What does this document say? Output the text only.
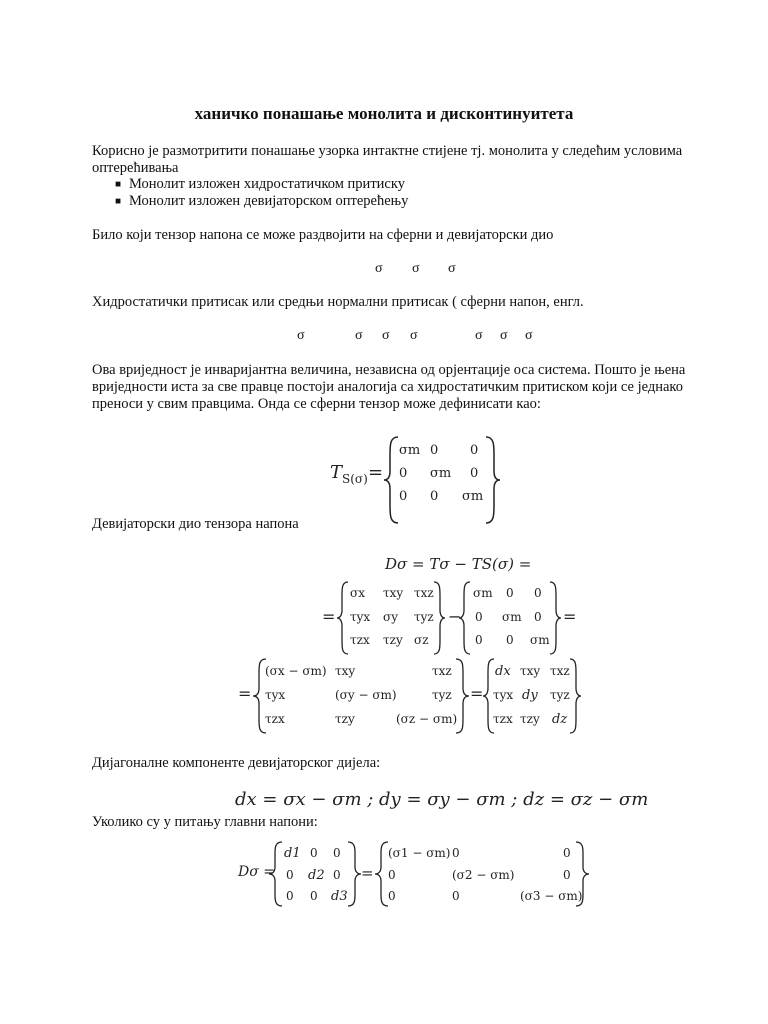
ханичко понашање монолита и дисконтинуитета
Корисно је размотритити понашање узорка интактне стијене тј. монолита у следећим условима оптерећивања
■ Монолит изложен хидростатичком притиску
■ Монолит изложен девијаторском оптерећењу
Било који тензор напона се може раздвојити на сферни и девијаторски дио
σ σ σ
Хидростатички притисак или средњи нормални притисак ( сферни напон, енгл.
σ	σ σ σ	σ σ σ
Ова вриједност је инваријантна величина, независна од орјентације оса система. Пошто је њена вриједности иста за све правце постоји аналогија са хидростатичким притиском који се једнако преноси у свим правцима. Онда се сферни тензор може дефинисати као:
T S(σ) =
σm 0 0
0 σm 0
0 0 σm
Девијаторски дио тензора напона
Dσ = Tσ − TS(σ) =
=
σx τxy τxz
τyx σy τyz
τzx τzy σz
−
σm 0 0
0 σm 0
0 0 σm
=
=
(σx − σm) τxy	τxz
τyx	(σy − σm)	τyz
τzx	τzy	(σz − σm)
=
dx τxy τxz
τyx dy τyz
τzx τzy dz
Дијагоналне компоненте девијаторског дијела:
dx = σx − σm ; dy = σy − σm ; dz = σz − σm
Уколико су у питању главни напони:
Dσ =
d1 0 0
0 d2 0
0 0 d3
=
(σ1 − σm) 0	0
0	(σ2 − σm)	0
0	0	(σ3 − σm)
